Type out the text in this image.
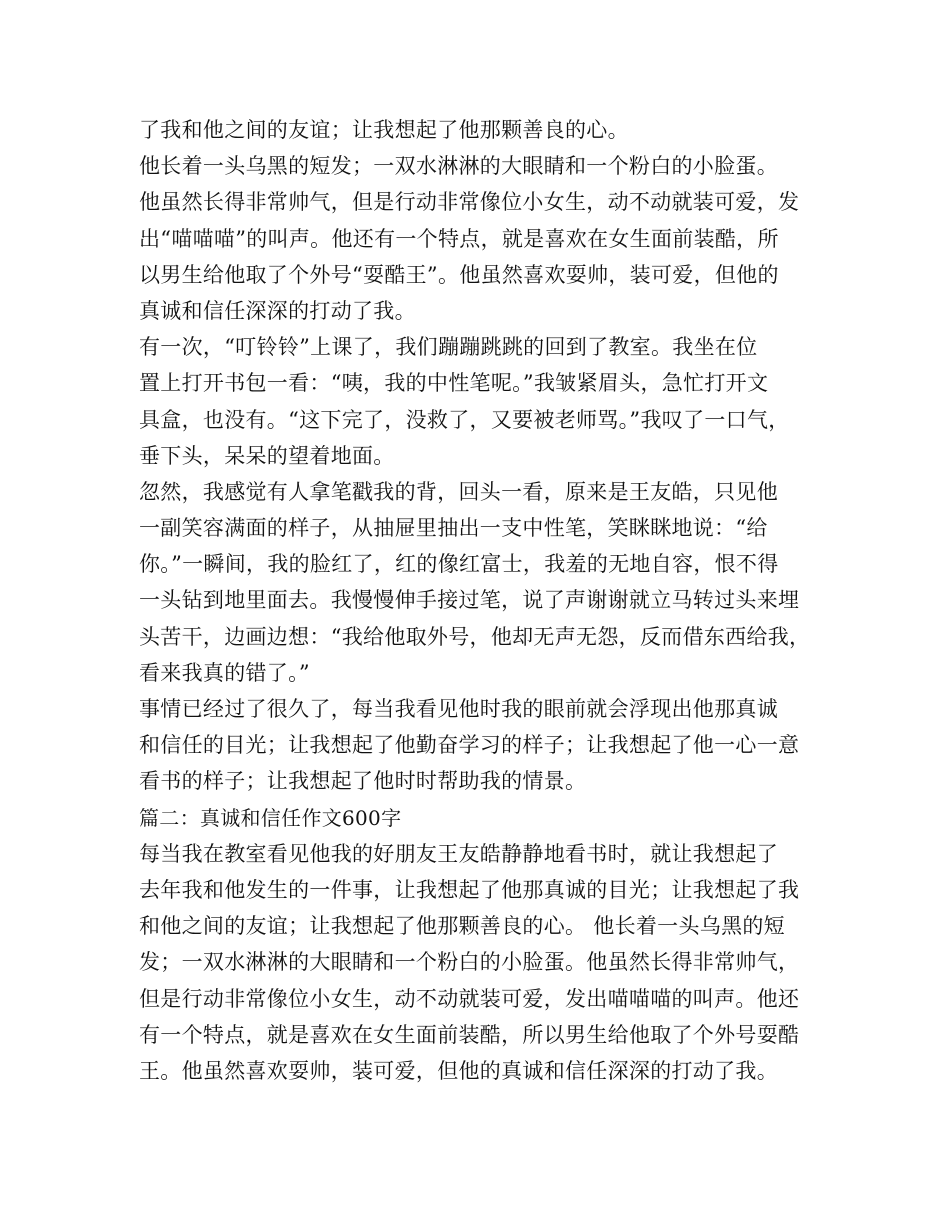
了我和他之间的友谊；让我想起了他那颗善良的心。
他长着一头乌黑的短发；一双水淋淋的大眼睛和一个粉白的小脸蛋。
他虽然长得非常帅气，但是行动非常像位小女生，动不动就装可爱，发
出“喵喵喵”的叫声。他还有一个特点，就是喜欢在女生面前装酷，所
以男生给他取了个外号“耍酷王”。他虽然喜欢耍帅，装可爱，但他的
真诚和信任深深的打动了我。
有一次，“叮铃铃”上课了，我们蹦蹦跳跳的回到了教室。我坐在位
置上打开书包一看：“咦，我的中性笔呢。”我皱紧眉头，急忙打开文
具盒，也没有。“这下完了，没救了，又要被老师骂。”我叹了一口气，
垂下头，呆呆的望着地面。
忽然，我感觉有人拿笔戳我的背，回头一看，原来是王友皓，只见他
一副笑容满面的样子，从抽屉里抽出一支中性笔，笑眯眯地说：“给
你。”一瞬间，我的脸红了，红的像红富士，我羞的无地自容，恨不得
一头钻到地里面去。我慢慢伸手接过笔，说了声谢谢就立马转过头来埋
头苦干，边画边想：“我给他取外号，他却无声无怨，反而借东西给我，
看来我真的错了。”
事情已经过了很久了，每当我看见他时我的眼前就会浮现出他那真诚
和信任的目光；让我想起了他勤奋学习的样子；让我想起了他一心一意
看书的样子；让我想起了他时时帮助我的情景。
篇二：真诚和信任作文600字
每当我在教室看见他我的好朋友王友皓静静地看书时，就让我想起了
去年我和他发生的一件事，让我想起了他那真诚的目光；让我想起了我
和他之间的友谊；让我想起了他那颗善良的心。 他长着一头乌黑的短
发；一双水淋淋的大眼睛和一个粉白的小脸蛋。他虽然长得非常帅气，
但是行动非常像位小女生，动不动就装可爱，发出喵喵喵的叫声。他还
有一个特点，就是喜欢在女生面前装酷，所以男生给他取了个外号耍酷
王。他虽然喜欢耍帅，装可爱，但他的真诚和信任深深的打动了我。
